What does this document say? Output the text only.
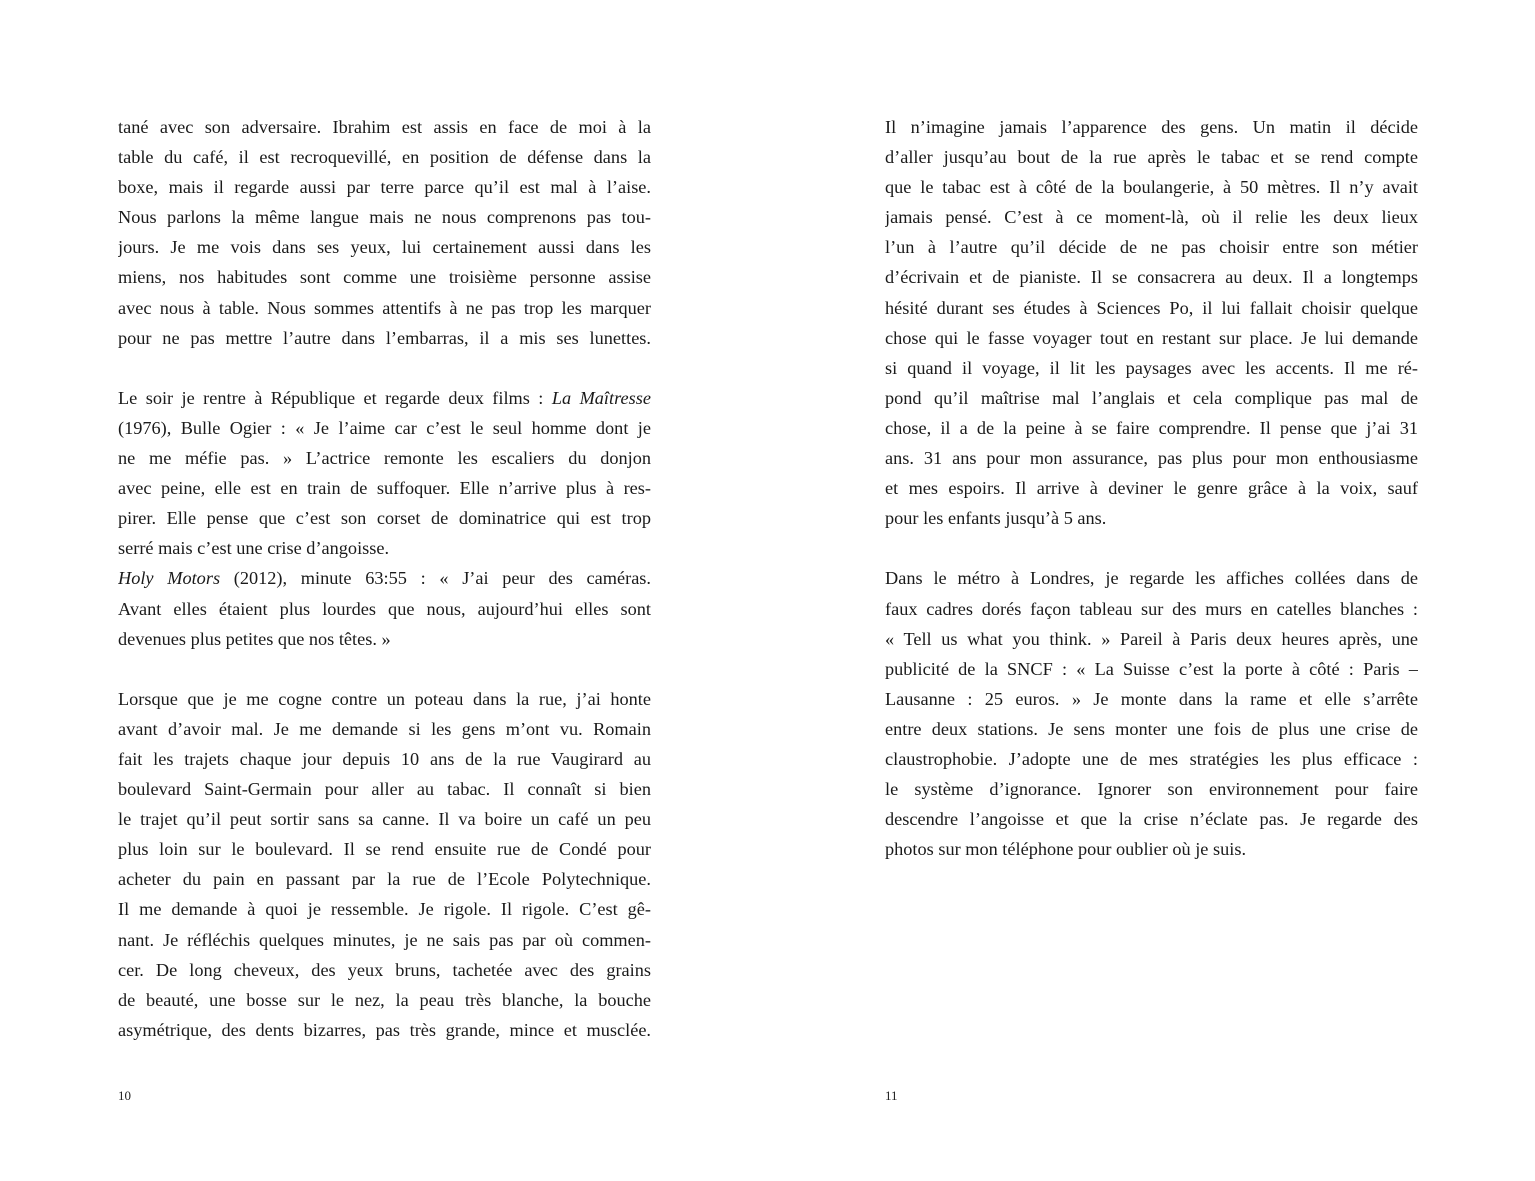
tané avec son adversaire. Ibrahim est assis en face de moi à la
table du café, il est recroquevillé, en position de défense dans la
boxe, mais il regarde aussi par terre parce qu’il est mal à l’aise.
Nous parlons la même langue mais ne nous comprenons pas tou-
jours. Je me vois dans ses yeux, lui certainement aussi dans les
miens, nos habitudes sont comme une troisième personne assise
avec nous à table. Nous sommes attentifs à ne pas trop les marquer
pour ne pas mettre l’autre dans l’embarras, il a mis ses lunettes.
Le soir je rentre à République et regarde deux films : La Maîtresse
(1976), Bulle Ogier : « Je l’aime car c’est le seul homme dont je
ne me méfie pas. » L’actrice remonte les escaliers du donjon
avec peine, elle est en train de suffoquer. Elle n’arrive plus à res-
pirer. Elle pense que c’est son corset de dominatrice qui est trop
serré mais c’est une crise d’angoisse.
Holy Motors (2012), minute 63:55 : « J’ai peur des caméras.
Avant elles étaient plus lourdes que nous, aujourd’hui elles sont
devenues plus petites que nos têtes. »
Lorsque que je me cogne contre un poteau dans la rue, j’ai honte
avant d’avoir mal. Je me demande si les gens m’ont vu. Romain
fait les trajets chaque jour depuis 10 ans de la rue Vaugirard au
boulevard Saint-Germain pour aller au tabac. Il connaît si bien
le trajet qu’il peut sortir sans sa canne. Il va boire un café un peu
plus loin sur le boulevard. Il se rend ensuite rue de Condé pour
acheter du pain en passant par la rue de l’Ecole Polytechnique.
Il me demande à quoi je ressemble. Je rigole. Il rigole. C’est gê-
nant. Je réfléchis quelques minutes, je ne sais pas par où commen-
cer. De long cheveux, des yeux bruns, tachetée avec des grains
de beauté, une bosse sur le nez, la peau très blanche, la bouche
asymétrique, des dents bizarres, pas très grande, mince et musclée.
Il n’imagine jamais l’apparence des gens. Un matin il décide
d’aller jusqu’au bout de la rue après le tabac et se rend compte
que le tabac est à côté de la boulangerie, à 50 mètres. Il n’y avait
jamais pensé. C’est à ce moment-là, où il relie les deux lieux
l’un à l’autre qu’il décide de ne pas choisir entre son métier
d’écrivain et de pianiste. Il se consacrera au deux. Il a longtemps
hésité durant ses études à Sciences Po, il lui fallait choisir quelque
chose qui le fasse voyager tout en restant sur place. Je lui demande
si quand il voyage, il lit les paysages avec les accents. Il me ré-
pond qu’il maîtrise mal l’anglais et cela complique pas mal de
chose, il a de la peine à se faire comprendre. Il pense que j’ai 31
ans. 31 ans pour mon assurance, pas plus pour mon enthousiasme
et mes espoirs. Il arrive à deviner le genre grâce à la voix, sauf
pour les enfants jusqu’à 5 ans.
Dans le métro à Londres, je regarde les affiches collées dans de
faux cadres dorés façon tableau sur des murs en catelles blanches :
« Tell us what you think. » Pareil à Paris deux heures après, une
publicité de la SNCF : « La Suisse c’est la porte à côté : Paris –
Lausanne : 25 euros. » Je monte dans la rame et elle s’arrête
entre deux stations. Je sens monter une fois de plus une crise de
claustrophobie. J’adopte une de mes stratégies les plus efficace :
le système d’ignorance. Ignorer son environnement pour faire
descendre l’angoisse et que la crise n’éclate pas. Je regarde des
photos sur mon téléphone pour oublier où je suis.
10	11
